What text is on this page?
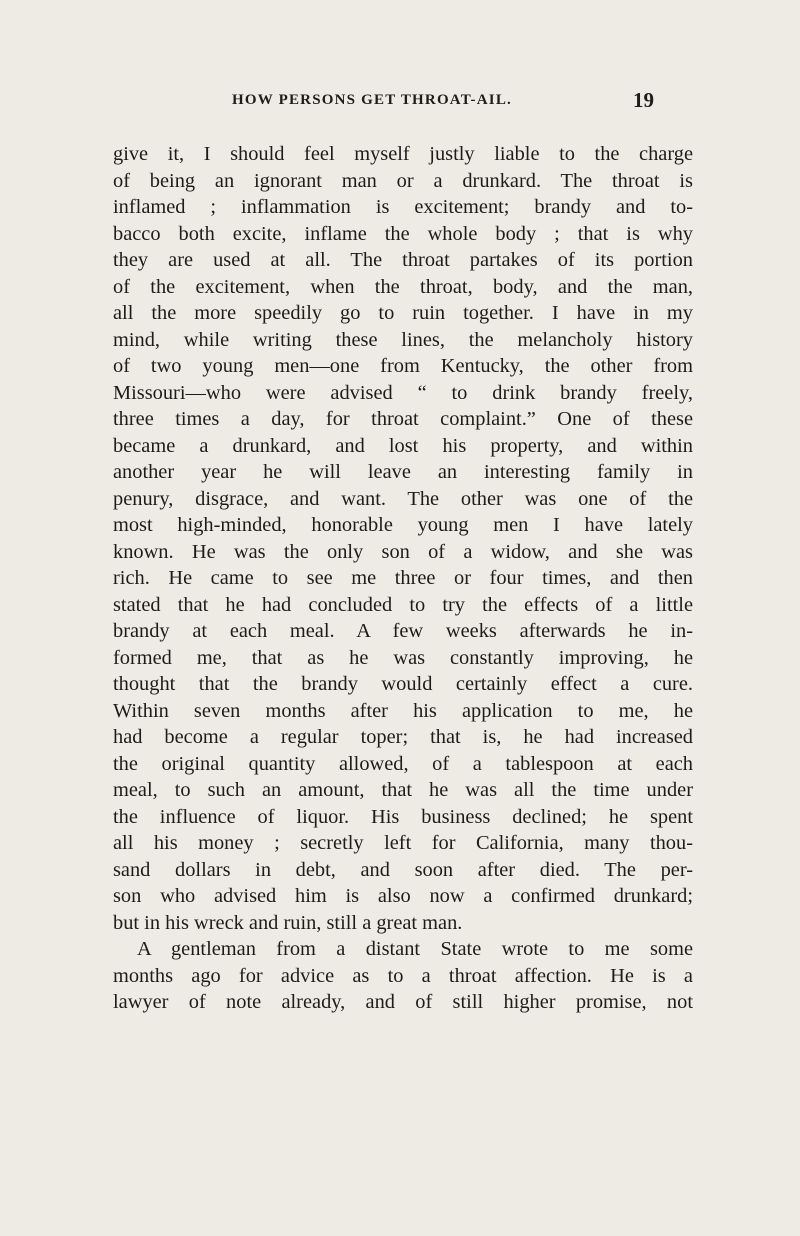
HOW PERSONS GET THROAT-AIL.	19
give it, I should feel myself justly liable to the charge
of being an ignorant man or a drunkard. The throat is
inflamed ; inflammation is excitement; brandy and to-
bacco both excite, inflame the whole body ; that is why
they are used at all. The throat partakes of its portion
of the excitement, when the throat, body, and the man,
all the more speedily go to ruin together. I have in my
mind, while writing these lines, the melancholy history
of two young men—one from Kentucky, the other from
Missouri—who were advised “ to drink brandy freely,
three times a day, for throat complaint.” One of these
became a drunkard, and lost his property, and within
another year he will leave an interesting family in
penury, disgrace, and want. The other was one of the
most high-minded, honorable young men I have lately
known. He was the only son of a widow, and she was
rich. He came to see me three or four times, and then
stated that he had concluded to try the effects of a little
brandy at each meal. A few weeks afterwards he in-
formed me, that as he was constantly improving, he
thought that the brandy would certainly effect a cure.
Within seven months after his application to me, he
had become a regular toper; that is, he had increased
the original quantity allowed, of a tablespoon at each
meal, to such an amount, that he was all the time under
the influence of liquor. His business declined; he spent
all his money ; secretly left for California, many thou-
sand dollars in debt, and soon after died. The per-
son who advised him is also now a confirmed drunkard;
but in his wreck and ruin, still a great man.
A gentleman from a distant State wrote to me some
months ago for advice as to a throat affection. He is a
lawyer of note already, and of still higher promise, not
